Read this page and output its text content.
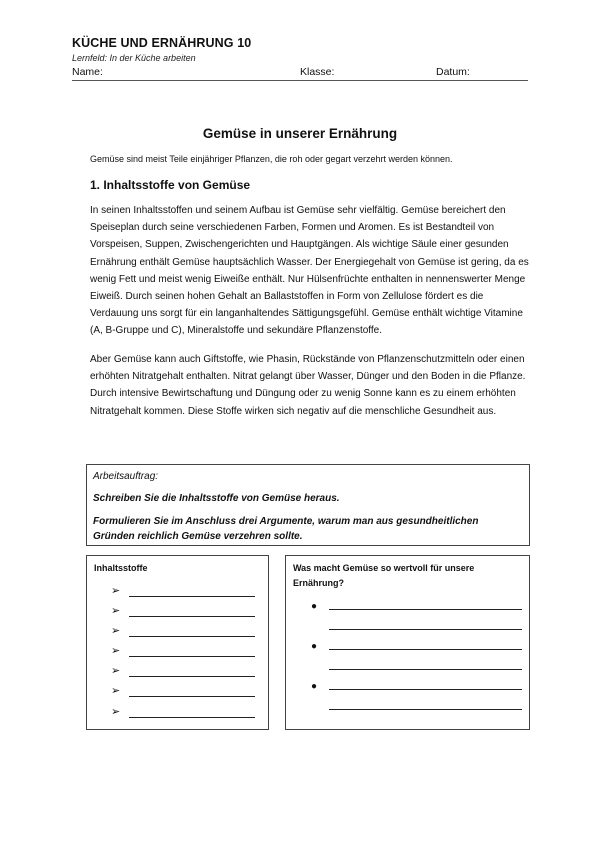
KÜCHE UND ERNÄHRUNG 10
Lernfeld: In der Küche arbeiten
Name:	Klasse:	Datum:
Gemüse in unserer Ernährung
Gemüse sind meist Teile einjähriger Pflanzen, die roh oder gegart verzehrt werden können.
1. Inhaltsstoffe von Gemüse
In seinen Inhaltsstoffen und seinem Aufbau ist Gemüse sehr vielfältig. Gemüse bereichert den Speiseplan durch seine verschiedenen Farben, Formen und Aromen. Es ist Bestandteil von Vorspeisen, Suppen, Zwischengerichten und Hauptgängen. Als wichtige Säule einer gesunden Ernährung enthält Gemüse hauptsächlich Wasser. Der Energiegehalt von Gemüse ist gering, da es wenig Fett und meist wenig Eiweiße enthält. Nur Hülsenfrüchte enthalten in nennenswerter Menge Eiweiß. Durch seinen hohen Gehalt an Ballaststoffen in Form von Zellulose fördert es die Verdauung uns sorgt für ein langanhaltendes Sättigungsgefühl. Gemüse enthält wichtige Vitamine (A, B-Gruppe und C), Mineralstoffe und sekundäre Pflanzenstoffe.
Aber Gemüse kann auch Giftstoffe, wie Phasin, Rückstände von Pflanzenschutzmitteln oder einen erhöhten Nitratgehalt enthalten. Nitrat gelangt über Wasser, Dünger und den Boden in die Pflanze. Durch intensive Bewirtschaftung und Düngung oder zu wenig Sonne kann es zu einem erhöhten Nitratgehalt kommen. Diese Stoffe wirken sich negativ auf die menschliche Gesundheit aus.
Arbeitsauftrag:
Schreiben Sie die Inhaltsstoffe von Gemüse heraus.
Formulieren Sie im Anschluss drei Argumente, warum man aus gesundheitlichen Gründen reichlich Gemüse verzehren sollte.
Inhaltsstoffe
➢
➢
➢
➢
➢
➢
➢
Was macht Gemüse so wertvoll für unsere Ernährung?
●
●
●
